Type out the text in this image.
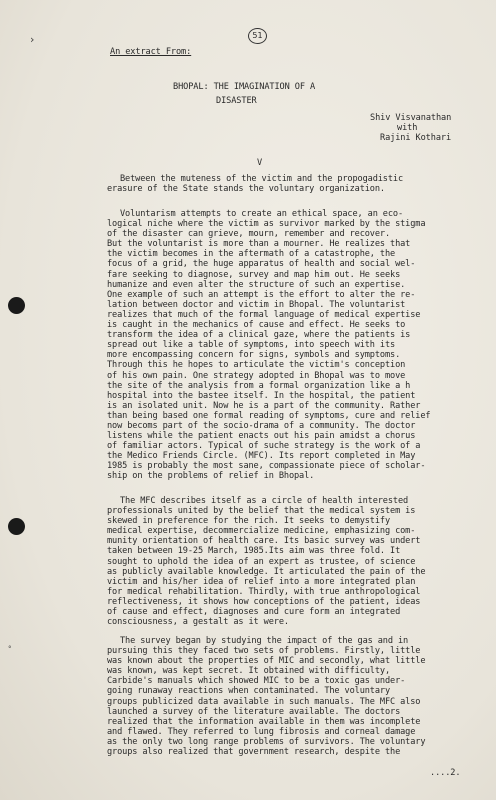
›
°
51
An extract From:
BHOPAL: THE IMAGINATION OF A
DISASTER
Shiv Visvanathan
with
Rajini Kothari
V
Between the muteness of the victim and the propogadistic
erasure of the State stands the voluntary organization.
Voluntarism attempts to create an ethical space, an eco-
logical niche where the victim as survivor marked by the stigma
of the disaster can grieve, mourn, remember and recover.
But the voluntarist is more than a mourner. He realizes that
the victim becomes in the aftermath of a catastrophe, the
focus of a grid, the huge apparatus of health and social wel-
fare seeking to diagnose, survey and map him out. He seeks
humanize and even alter the structure of such an expertise.
One example of such an attempt is the effort to alter the re-
lation between doctor and victim in Bhopal. The voluntarist
realizes that much of the formal language of medical expertise
is caught in the mechanics of cause and effect. He seeks to
transform the idea of a clinical gaze, where the patients is
spread out like a table of symptoms, into speech with its
more encompassing concern for signs, symbols and symptoms.
Through this he hopes to articulate the victim's conception
of his own pain. One strategy adopted in Bhopal was to move
the site of the analysis from a formal organization like a h
hospital into the bastee itself. In the hospital, the patient
is an isolated unit. Now he is a part of the community. Rather
than being based one formal reading of symptoms, cure and relief
now becoms part of the socio-drama of a community. The doctor
listens while the patient enacts out his pain amidst a chorus
of familiar actors. Typical of suche strategy is the work of a
the Medico Friends Circle. (MFC). Its report completed in May
1985 is probably the most sane, compassionate piece of scholar-
ship on the problems of relief in Bhopal.
The MFC describes itself as a circle of health interested
professionals united by the belief that the medical system is
skewed in preference for the rich. It seeks to demystify
medical expertise, decommercialize medicine, emphasizing com-
munity orientation of health care. Its basic survey was undert
taken between 19-25 March, 1985.Its aim was three fold. It
sought to uphold the idea of an expert as trustee, of science
as publicly available knowledge. It articulated the pain of the
victim and his/her idea of relief into a more integrated plan
for medical rehabilitation. Thirdly, with true anthropological
reflectiveness, it shows how conceptions of the patient, ideas
of cause and effect, diagnoses and cure form an integrated
consciousness, a gestalt as it were.
The survey began by studying the impact of the gas and in
pursuing this they faced two sets of problems. Firstly, little
was known about the properties of MIC and secondly, what little
was known, was kept secret. It obtained with difficulty,
Carbide's manuals which showed MIC to be a toxic gas under-
going runaway reactions when contaminated. The voluntary
groups publicized data available in such manuals. The MFC also
launched a survey of the literature available. The doctors
realized that the information available in them was incomplete
and flawed. They referred to lung fibrosis and corneal damage
as the only two long range problems of survivors. The voluntary
groups also realized that government research, despite the
....2.
